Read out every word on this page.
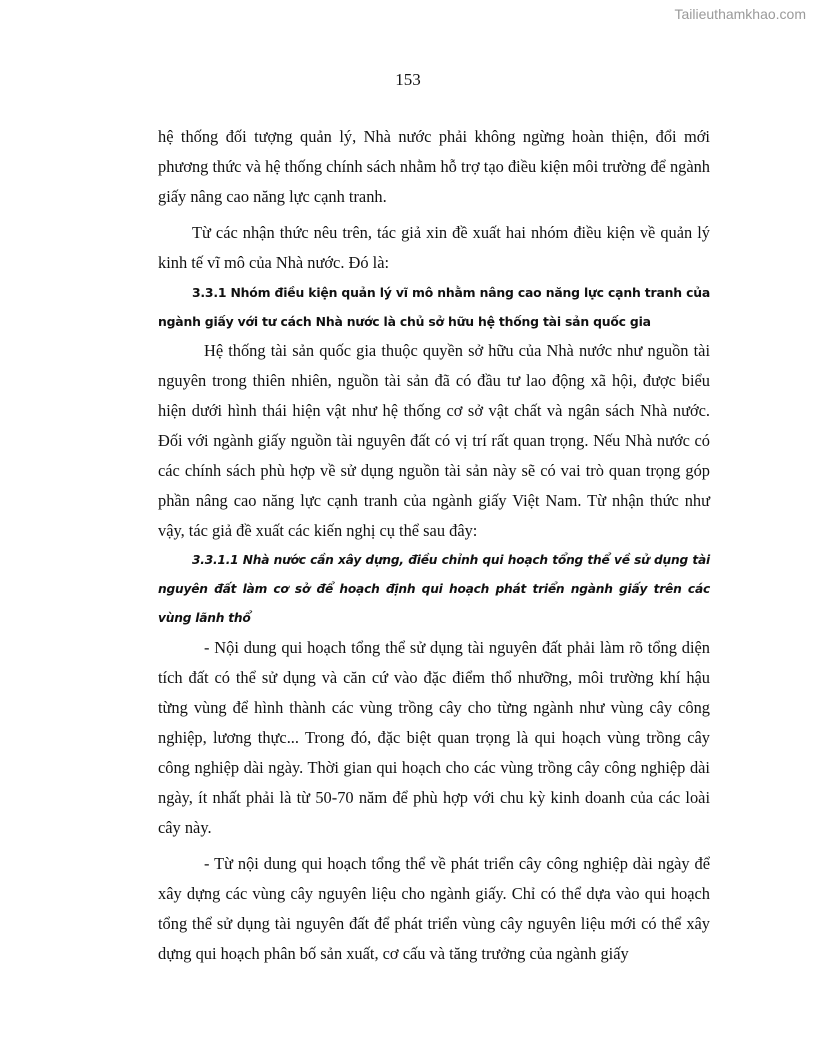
Tailieuthamkhao.com
153

hệ thống đối tượng quản lý, Nhà nước phải không ngừng hoàn thiện, đổi mới phương thức và hệ thống chính sách nhằm hỗ trợ tạo điều kiện môi trường để ngành giấy nâng cao năng lực cạnh tranh.

Từ các nhận thức nêu trên, tác giả xin đề xuất hai nhóm điều kiện về quản lý kinh tế vĩ mô của Nhà nước. Đó là:

3.3.1 Nhóm điều kiện quản lý vĩ mô nhằm nâng cao năng lực cạnh tranh của ngành giấy với tư cách Nhà nước là chủ sở hữu hệ thống tài sản quốc gia

Hệ thống tài sản quốc gia thuộc quyền sở hữu của Nhà nước như nguồn tài nguyên trong thiên nhiên, nguồn tài sản đã có đầu tư lao động xã hội, được biểu hiện dưới hình thái hiện vật như hệ thống cơ sở vật chất và ngân sách Nhà nước. Đối với ngành giấy nguồn tài nguyên đất có vị trí rất quan trọng. Nếu Nhà nước có các chính sách phù hợp về sử dụng nguồn tài sản này sẽ có vai trò quan trọng góp phần nâng cao năng lực cạnh tranh của ngành giấy Việt Nam. Từ nhận thức như vậy, tác giả đề xuất các kiến nghị cụ thể sau đây:

3.3.1.1 Nhà nước cần xây dựng, điều chỉnh qui hoạch tổng thể về sử dụng tài nguyên đất làm cơ sở để hoạch định qui hoạch phát triển ngành giấy trên các vùng lãnh thổ

- Nội dung qui hoạch tổng thể sử dụng tài nguyên đất phải làm rõ tổng diện tích đất có thể sử dụng và căn cứ vào đặc điểm thổ nhưỡng, môi trường khí hậu từng vùng để hình thành các vùng trồng cây cho từng ngành như vùng cây công nghiệp, lương thực... Trong đó, đặc biệt quan trọng là qui hoạch vùng trồng cây công nghiệp dài ngày. Thời gian qui hoạch cho các vùng trồng cây công nghiệp dài ngày, ít nhất phải là từ 50-70 năm để phù hợp với chu kỳ kinh doanh của các loài cây này.

- Từ nội dung qui hoạch tổng thể về phát triển cây công nghiệp dài ngày để xây dựng các vùng cây nguyên liệu cho ngành giấy. Chỉ có thể dựa vào qui hoạch tổng thể sử dụng tài nguyên đất để phát triển vùng cây nguyên liệu mới có thể xây dựng qui hoạch phân bố sản xuất, cơ cấu và tăng trưởng của ngành giấy
